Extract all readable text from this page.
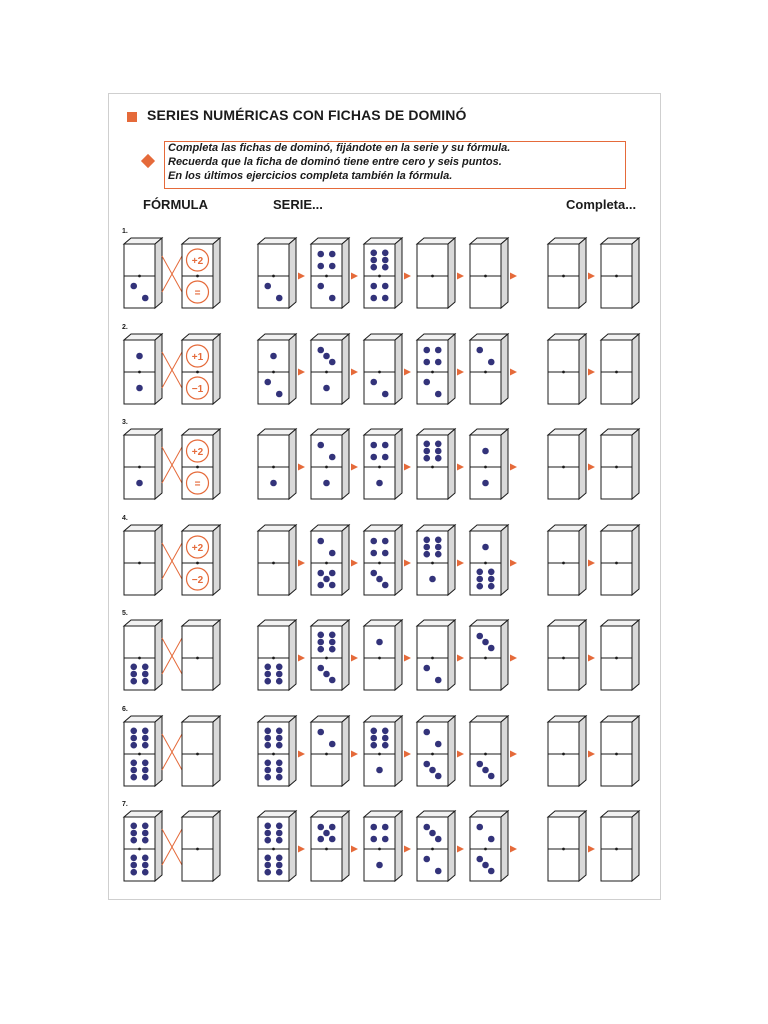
SERIES NUMÉRICAS CON FICHAS DE DOMINÓ
Completa las fichas de dominó, fijándote en la serie y su fórmula.
Recuerda que la ficha de dominó tiene entre cero y seis puntos.
En los últimos ejercicios completa también la fórmula.
FÓRMULA	SERIE...	Completa...
1.
2.
3.
4.
5.
6.
7.
+2
=
+1
−1
+2
=
+2
−2
